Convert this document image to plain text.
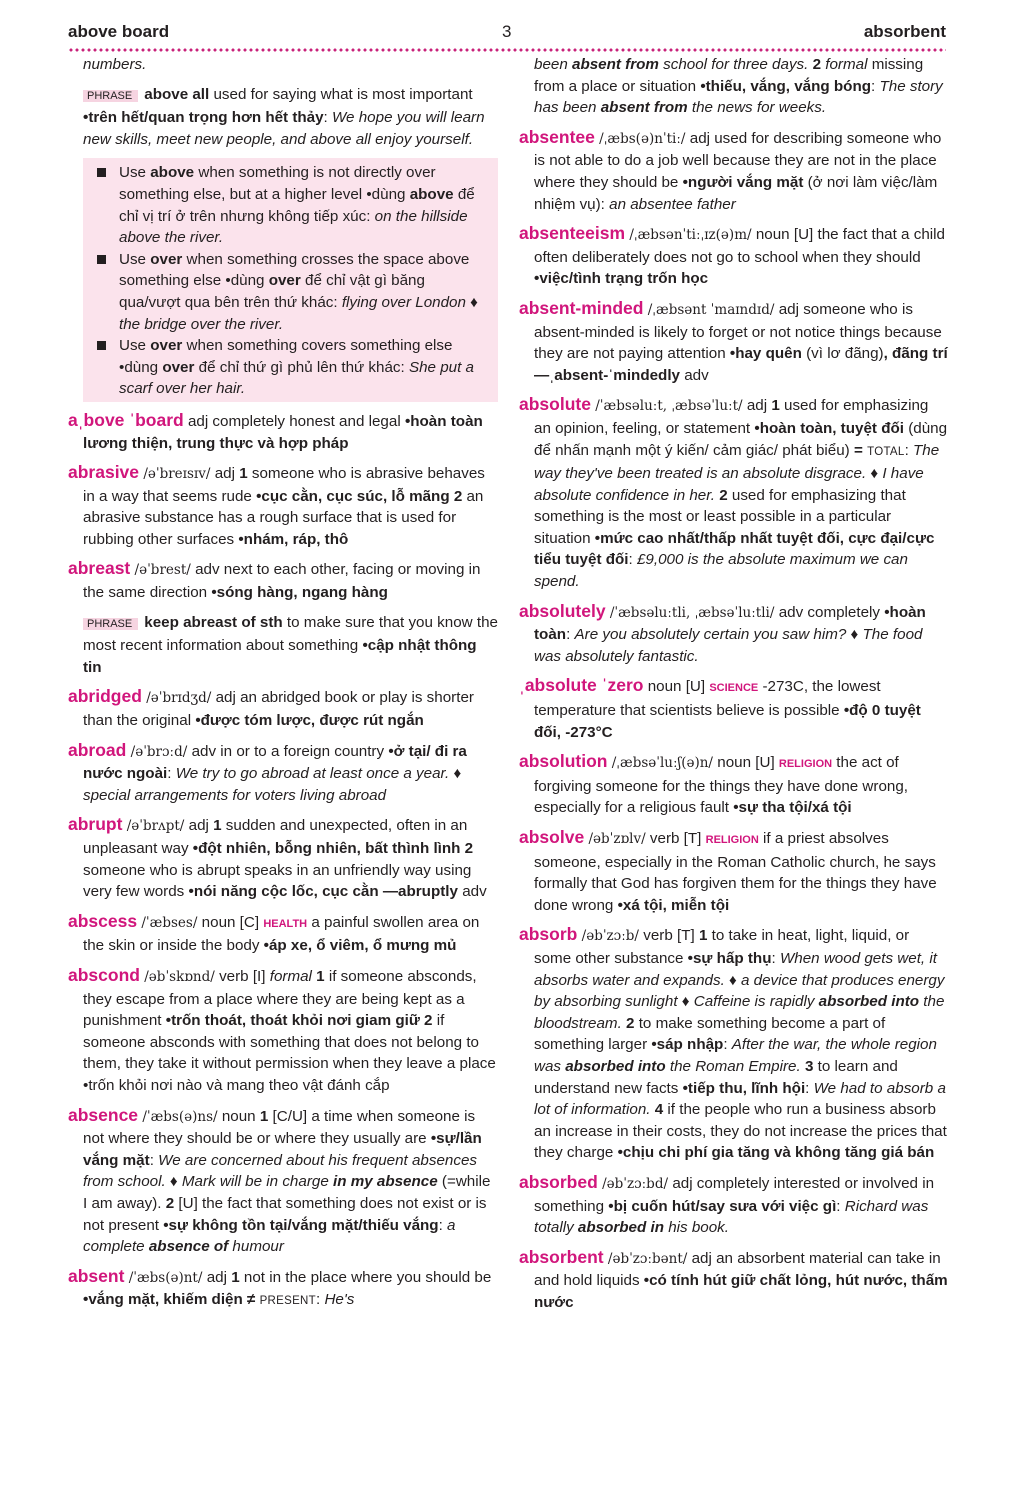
above board	3	absorbent
numbers.
PHRASE above all used for saying what is most important •trên hết/quan trọng hơn hết thảy: We hope you will learn new skills, meet new people, and above all enjoy yourself.
Use above when something is not directly over something else, but at a higher level •dùng above để chỉ vị trí ở trên nhưng không tiếp xúc: on the hillside above the river.
Use over when something crosses the space above something else •dùng over để chỉ vật gì băng qua/vượt qua bên trên thứ khác: flying over London ♦ the bridge over the river.
Use over when something covers something else •dùng over để chỉ thứ gì phủ lên thứ khác: She put a scarf over her hair.
aˌbove ˈboard adj completely honest and legal •hoàn toàn lương thiện, trung thực và hợp pháp
abrasive /əˈbreɪsɪv/ adj 1 someone who is abrasive behaves in a way that seems rude •cục cằn, cục súc, lỗ mãng 2 an abrasive substance has a rough surface that is used for rubbing other surfaces •nhám, ráp, thô
abreast /əˈbrest/ adv next to each other, facing or moving in the same direction •sóng hàng, ngang hàng
PHRASE keep abreast of sth to make sure that you know the most recent information about something •cập nhật thông tin
abridged /əˈbrɪdʒd/ adj an abridged book or play is shorter than the original •được tóm lược, được rút ngắn
abroad /əˈbrɔːd/ adv in or to a foreign country •ở tại/ đi ra nước ngoài: We try to go abroad at least once a year. ♦ special arrangements for voters living abroad
abrupt /əˈbrʌpt/ adj 1 sudden and unexpected, often in an unpleasant way •đột nhiên, bỗng nhiên, bất thình lình 2 someone who is abrupt speaks in an unfriendly way using very few words •nói năng cộc lốc, cục cằn —abruptly adv
abscess /ˈæbses/ noun [C] HEALTH a painful swollen area on the skin or inside the body •áp xe, ổ viêm, ổ mưng mủ
abscond /əbˈskɒnd/ verb [I] formal 1 if someone absconds, they escape from a place where they are being kept as a punishment •trốn thoát, thoát khỏi nơi giam giữ 2 if someone absconds with something that does not belong to them, they take it without permission when they leave a place •trốn khỏi nơi nào và mang theo vật đánh cắp
absence /ˈæbs(ə)ns/ noun 1 [C/U] a time when someone is not where they should be or where they usually are •sự/lần vắng mặt: We are concerned about his frequent absences from school. ♦ Mark will be in charge in my absence (=while I am away). 2 [U] the fact that something does not exist or is not present •sự không tồn tại/vắng mặt/thiếu vắng: a complete absence of humour
absent /ˈæbs(ə)nt/ adj 1 not in the place where you should be •vắng mặt, khiếm diện ≠ PRESENT: He's
been absent from school for three days. 2 formal missing from a place or situation •thiếu, vắng, vắng bóng: The story has been absent from the news for weeks.
absentee /ˌæbs(ə)nˈtiː/ adj used for describing someone who is not able to do a job well because they are not in the place where they should be •người vắng mặt (ở nơi làm việc/làm nhiệm vụ): an absentee father
absenteeism /ˌæbsənˈtiːˌɪz(ə)m/ noun [U] the fact that a child often deliberately does not go to school when they should •việc/tình trạng trốn học
absent-minded /ˌæbsənt ˈmaɪndɪd/ adj someone who is absent-minded is likely to forget or not notice things because they are not paying attention •hay quên (vì lơ đãng), đãng trí —ˌabsent-ˈmindedly adv
absolute /ˈæbsəluːt, ˌæbsəˈluːt/ adj 1 used for emphasizing an opinion, feeling, or statement •hoàn toàn, tuyệt đối (dùng để nhấn mạnh một ý kiến/ cảm giác/ phát biểu) = TOTAL: The way they've been treated is an absolute disgrace. ♦ I have absolute confidence in her. 2 used for emphasizing that something is the most or least possible in a particular situation •mức cao nhất/thấp nhất tuyệt đối, cực đại/cực tiểu tuyệt đối: £9,000 is the absolute maximum we can spend.
absolutely /ˈæbsəluːtli, ˌæbsəˈluːtli/ adv completely •hoàn toàn: Are you absolutely certain you saw him? ♦ The food was absolutely fantastic.
ˌabsolute ˈzero noun [U] SCIENCE -273C, the lowest temperature that scientists believe is possible •độ 0 tuyệt đối, -273°C
absolution /ˌæbsəˈluːʃ(ə)n/ noun [U] RELIGION the act of forgiving someone for the things they have done wrong, especially for a religious fault •sự tha tội/xá tội
absolve /əbˈzɒlv/ verb [T] RELIGION if a priest absolves someone, especially in the Roman Catholic church, he says formally that God has forgiven them for the things they have done wrong •xá tội, miễn tội
absorb /əbˈzɔːb/ verb [T] 1 to take in heat, light, liquid, or some other substance •sự hấp thụ: When wood gets wet, it absorbs water and expands. ♦ a device that produces energy by absorbing sunlight ♦ Caffeine is rapidly absorbed into the bloodstream. 2 to make something become a part of something larger •sáp nhập: After the war, the whole region was absorbed into the Roman Empire. 3 to learn and understand new facts •tiếp thu, lĩnh hội: We had to absorb a lot of information. 4 if the people who run a business absorb an increase in their costs, they do not increase the prices that they charge •chịu chi phí gia tăng và không tăng giá bán
absorbed /əbˈzɔːbd/ adj completely interested or involved in something •bị cuốn hút/say sưa với việc gì: Richard was totally absorbed in his book.
absorbent /əbˈzɔːbənt/ adj an absorbent material can take in and hold liquids •có tính hút giữ chất lỏng, hút nước, thấm nước
